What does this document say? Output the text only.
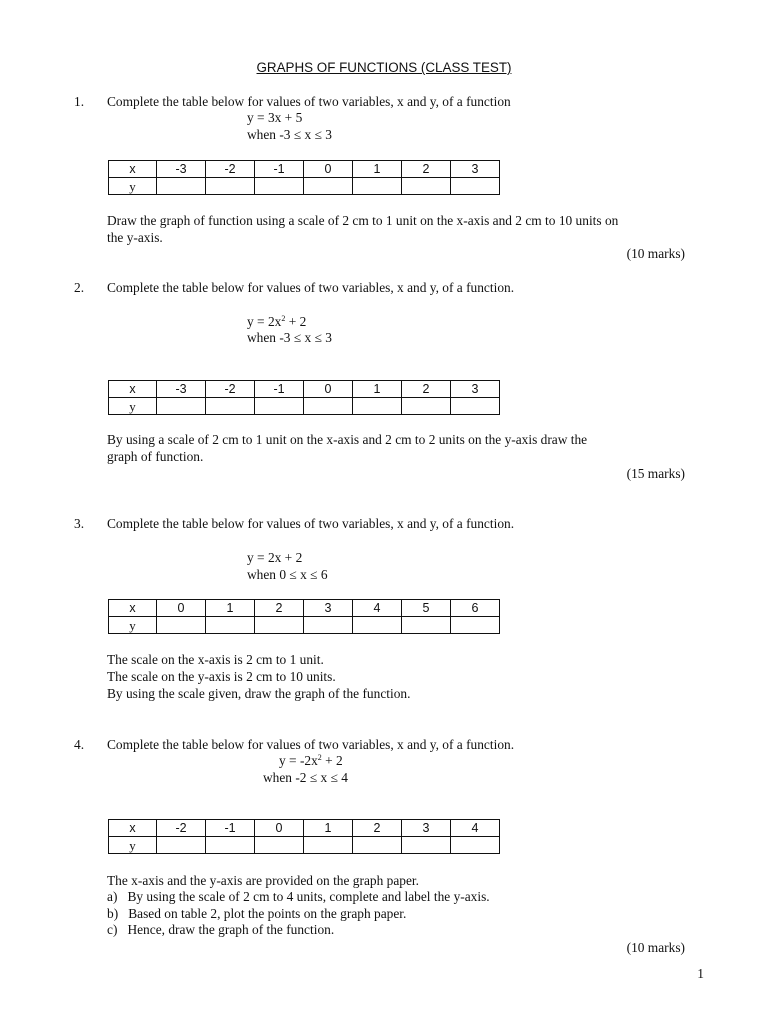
GRAPHS OF FUNCTIONS (CLASS TEST)
1. Complete the table below for values of two variables, x and y, of a function
y = 3x + 5
when -3 ≤ x ≤ 3
x	-3	-2	-1	0	1	2	3
y							
Draw the graph of function using a scale of 2 cm to 1 unit on the x-axis and 2 cm to 10 units on
the y-axis.
(10 marks)
2. Complete the table below for values of two variables, x and y, of a function.
$y = 2x^2 + 2$
when -3 ≤ x ≤ 3
x	-3	-2	-1	0	1	2	3
y							
By using a scale of 2 cm to 1 unit on the x-axis and 2 cm to 2 units on the y-axis draw the
graph of function.
(15 marks)
3. Complete the table below for values of two variables, x and y, of a function.
y = 2x + 2
when 0 ≤ x ≤ 6
x	0	1	2	3	4	5	6
y							
The scale on the x-axis is 2 cm to 1 unit.
The scale on the y-axis is 2 cm to 10 units.
By using the scale given, draw the graph of the function.
4. Complete the table below for values of two variables, x and y, of a function.
$y = -2x^2 + 2$
when -2 ≤ x ≤ 4
x	-2	-1	0	1	2	3	4
y							
The x-axis and the y-axis are provided on the graph paper.
a)   By using the scale of 2 cm to 4 units, complete and label the y-axis.
b)   Based on table 2, plot the points on the graph paper.
c)   Hence, draw the graph of the function.
(10 marks)
1
